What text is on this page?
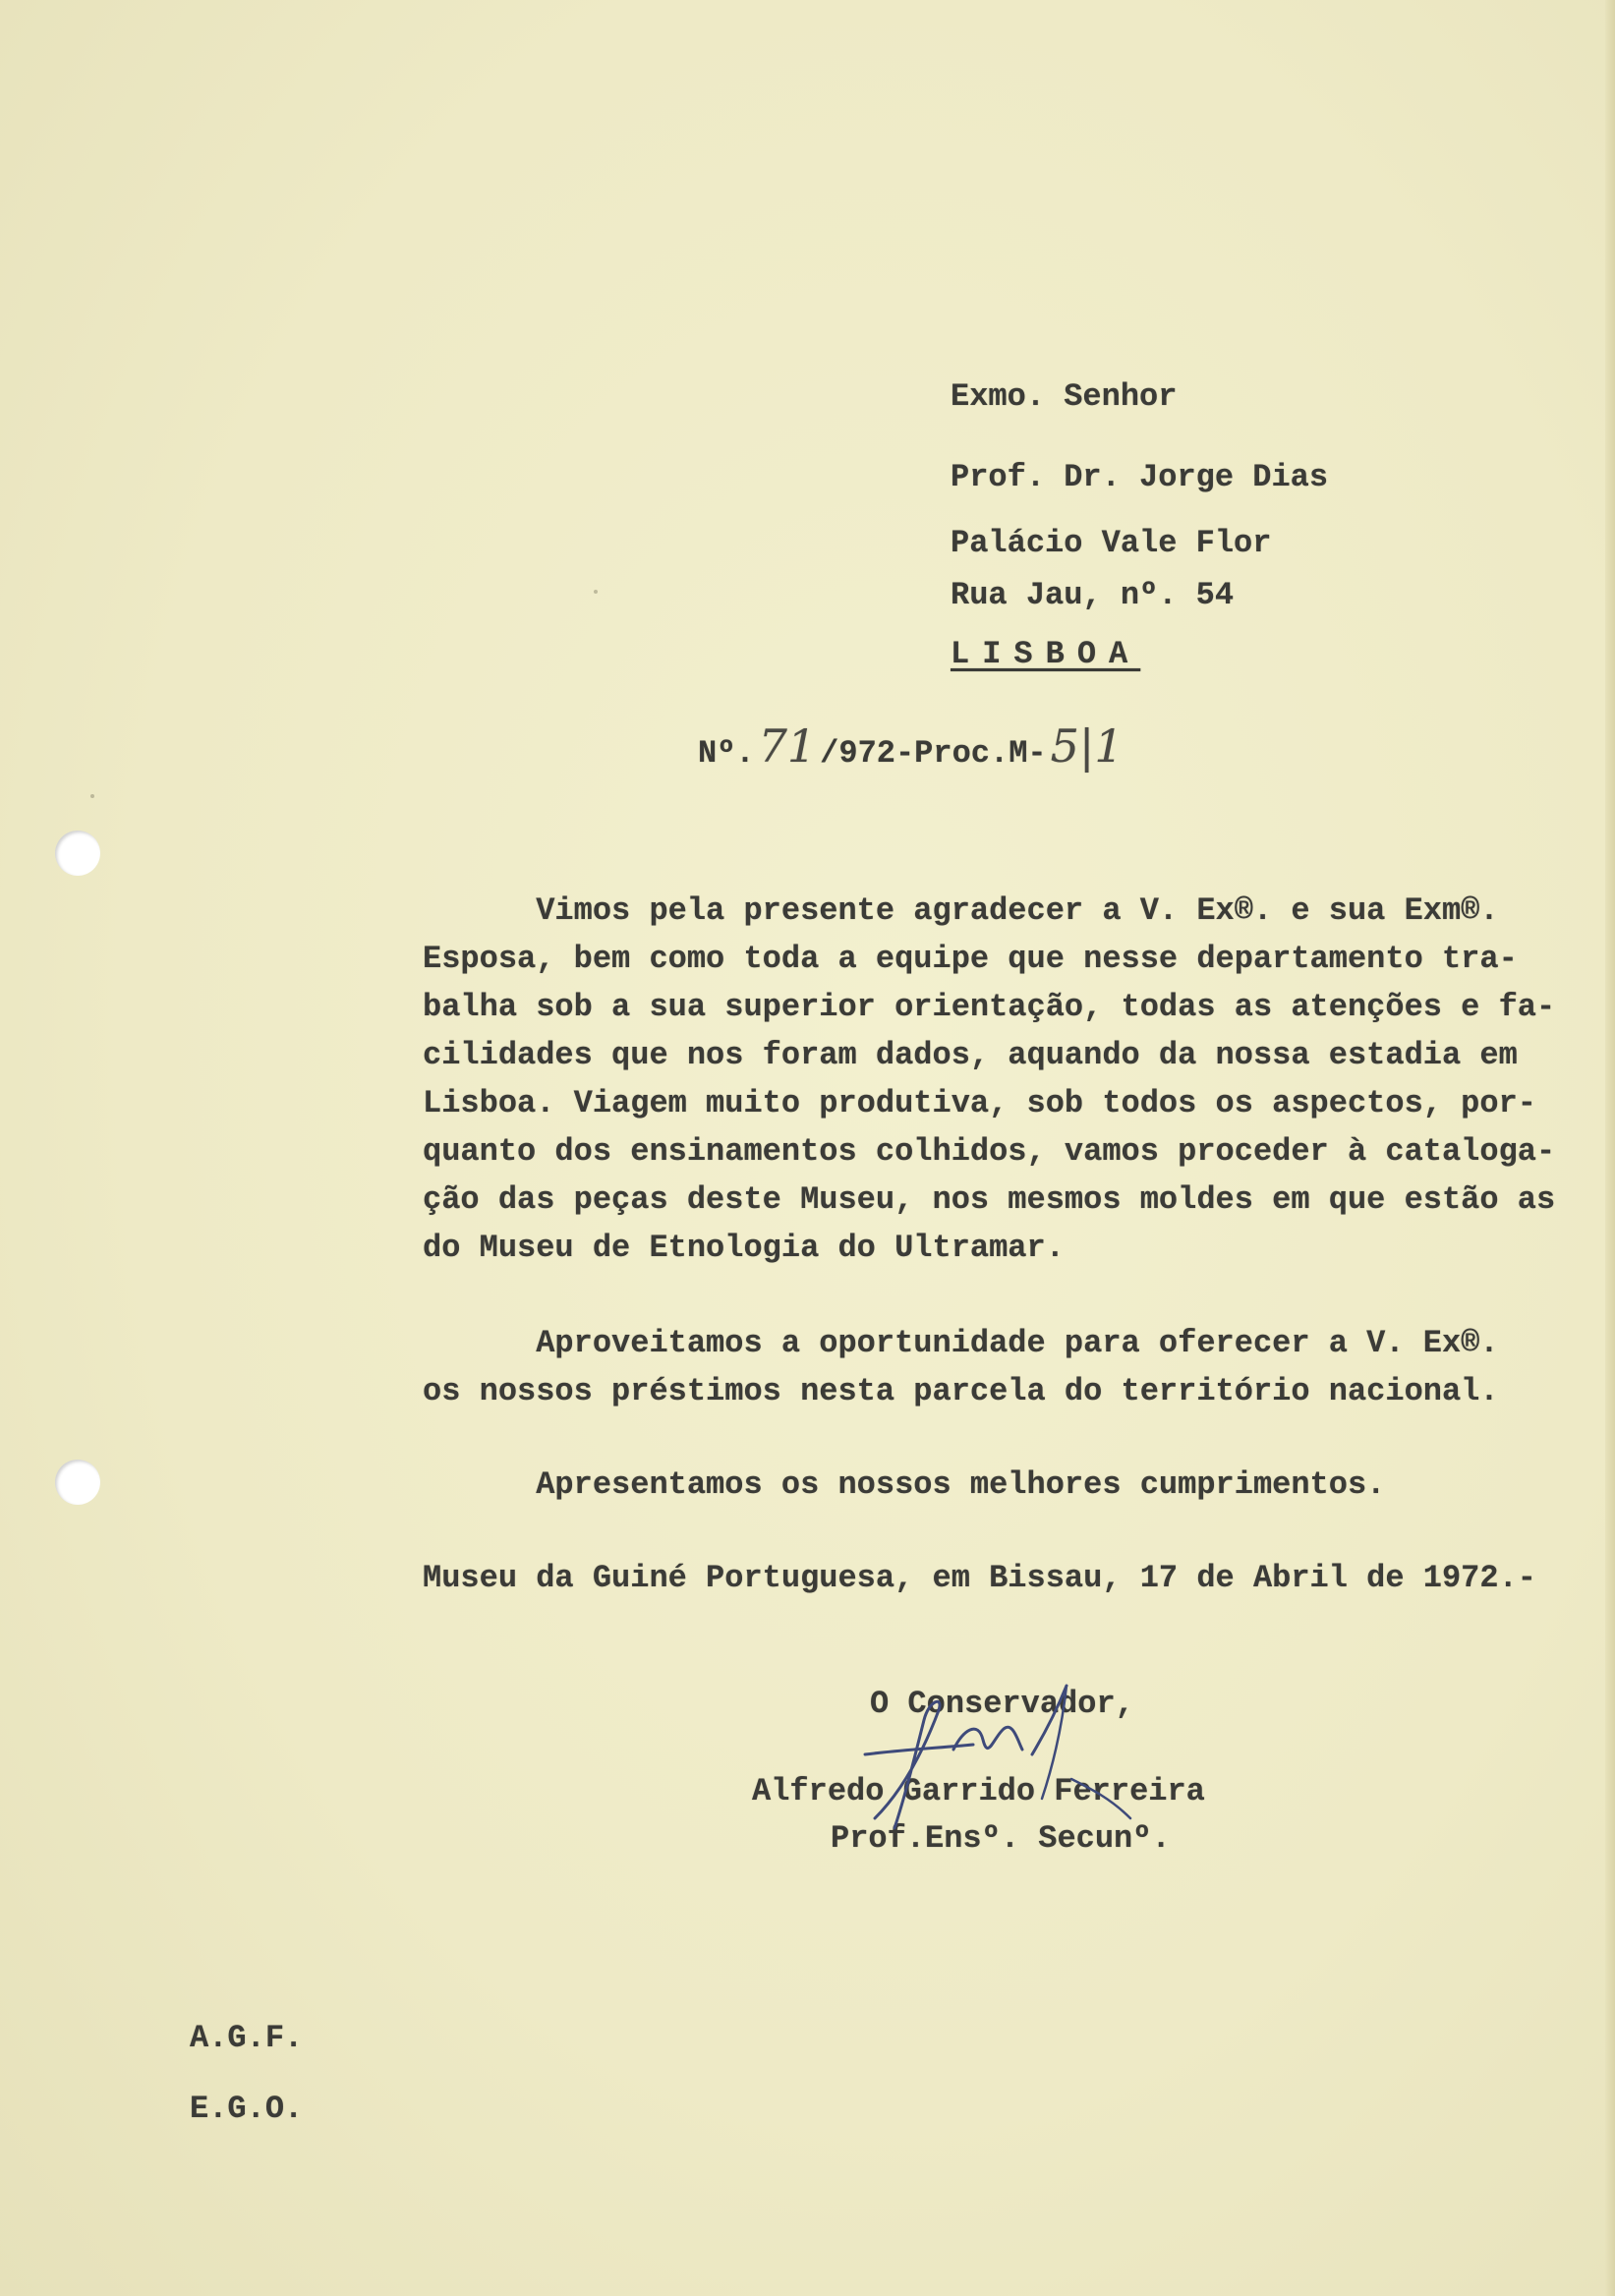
Exmo. Senhor
Prof. Dr. Jorge Dias
Palácio Vale Flor
Rua Jau, nº. 54
LISBOA
Nº. 71 /972-Proc.M- 5|1
Vimos pela presente agradecer a V. Ex®. e sua Exm®.
Esposa, bem como toda a equipe que nesse departamento tra-
balha sob a sua superior orientação, todas as atenções e fa-
cilidades que nos foram dados, aquando da nossa estadia em
Lisboa. Viagem muito produtiva, sob todos os aspectos, por-
quanto dos ensinamentos colhidos, vamos proceder à cataloga-
ção das peças deste Museu, nos mesmos moldes em que estão as
do Museu de Etnologia do Ultramar.
Aproveitamos a oportunidade para oferecer a V. Ex®.
os nossos préstimos nesta parcela do território nacional.
Apresentamos os nossos melhores cumprimentos.
Museu da Guiné Portuguesa, em Bissau, 17 de Abril de 1972.-
O Conservador,
Alfredo Garrido Ferreira
Prof.Ensº. Secunº.
A.G.F.
E.G.O.
